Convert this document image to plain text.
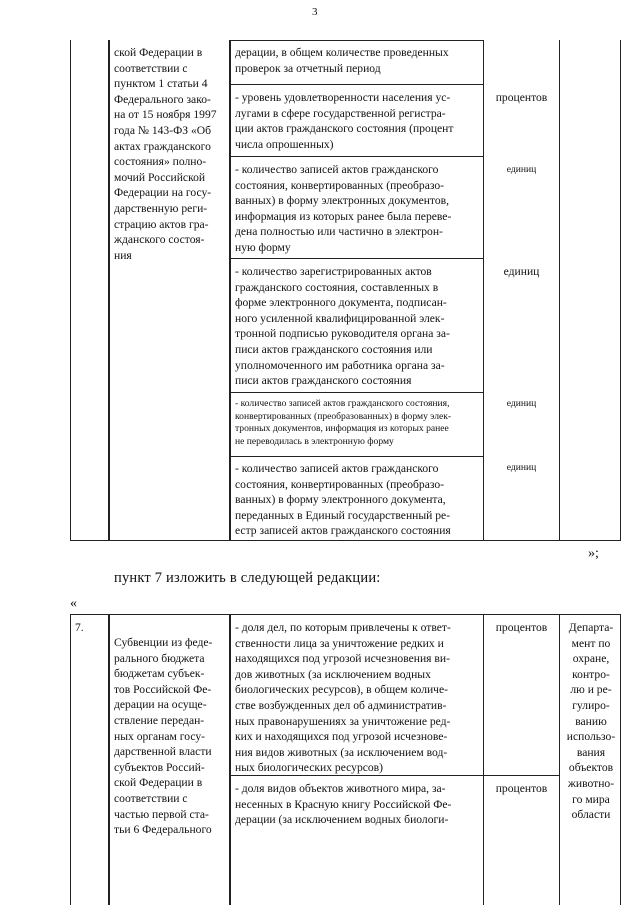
3
ской Федерации в
соответствии с
пунктом 1 статьи 4
Федерального зако-
на от 15 ноября 1997
года № 143-ФЗ «Об
актах гражданского
состояния» полно-
мочий Российской
Федерации на госу-
дарственную реги-
страцию актов гра-
жданского состоя-
ния
дерации, в общем количестве проведенных
проверок за отчетный период
- уровень удовлетворенности населения ус-
лугами в сфере государственной регистра-
ции актов гражданского состояния (процент
числа опрошенных)
процентов
- количество записей актов гражданского
состояния, конвертированных (преобразо-
ванных) в форму электронных документов,
информация из которых ранее была переве-
дена полностью или частично в электрон-
ную форму
единиц
- количество зарегистрированных актов
гражданского состояния, составленных в
форме электронного документа, подписан-
ного усиленной квалифицированной элек-
тронной подписью руководителя органа за-
писи актов гражданского состояния или
уполномоченного им работника органа за-
писи актов гражданского состояния
единиц
- количество записей актов гражданского состояния,
конвертированных (преобразованных) в форму элек-
тронных документов, информация из которых ранее
не переводилась в электронную форму
единиц
- количество записей актов гражданского
состояния, конвертированных (преобразо-
ванных) в форму электронного документа,
переданных в Единый государственный ре-
естр записей актов гражданского состояния
единиц
»;
пункт 7 изложить в следующей редакции:
«
7.
Субвенции из феде-
рального бюджета
бюджетам субъек-
тов Российской Фе-
дерации на осуще-
ствление передан-
ных органам госу-
дарственной власти
субъектов Россий-
ской Федерации в
соответствии с
частью первой ста-
тьи 6 Федерального
- доля дел, по которым привлечены к ответ-
ственности лица за уничтожение редких и
находящихся под угрозой исчезновения ви-
дов животных (за исключением водных
биологических ресурсов), в общем количе-
стве возбужденных дел об административ-
ных правонарушениях за уничтожение ред-
ких и находящихся под угрозой исчезнове-
ния видов животных (за исключением вод-
ных биологических ресурсов)
процентов
- доля видов объектов животного мира, за-
несенных в Красную книгу Российской Фе-
дерации (за исключением водных биологи-
процентов
Департа-
мент по
охране,
контро-
лю и ре-
гулиро-
ванию
использо-
вания
объектов
животно-
го мира
области
